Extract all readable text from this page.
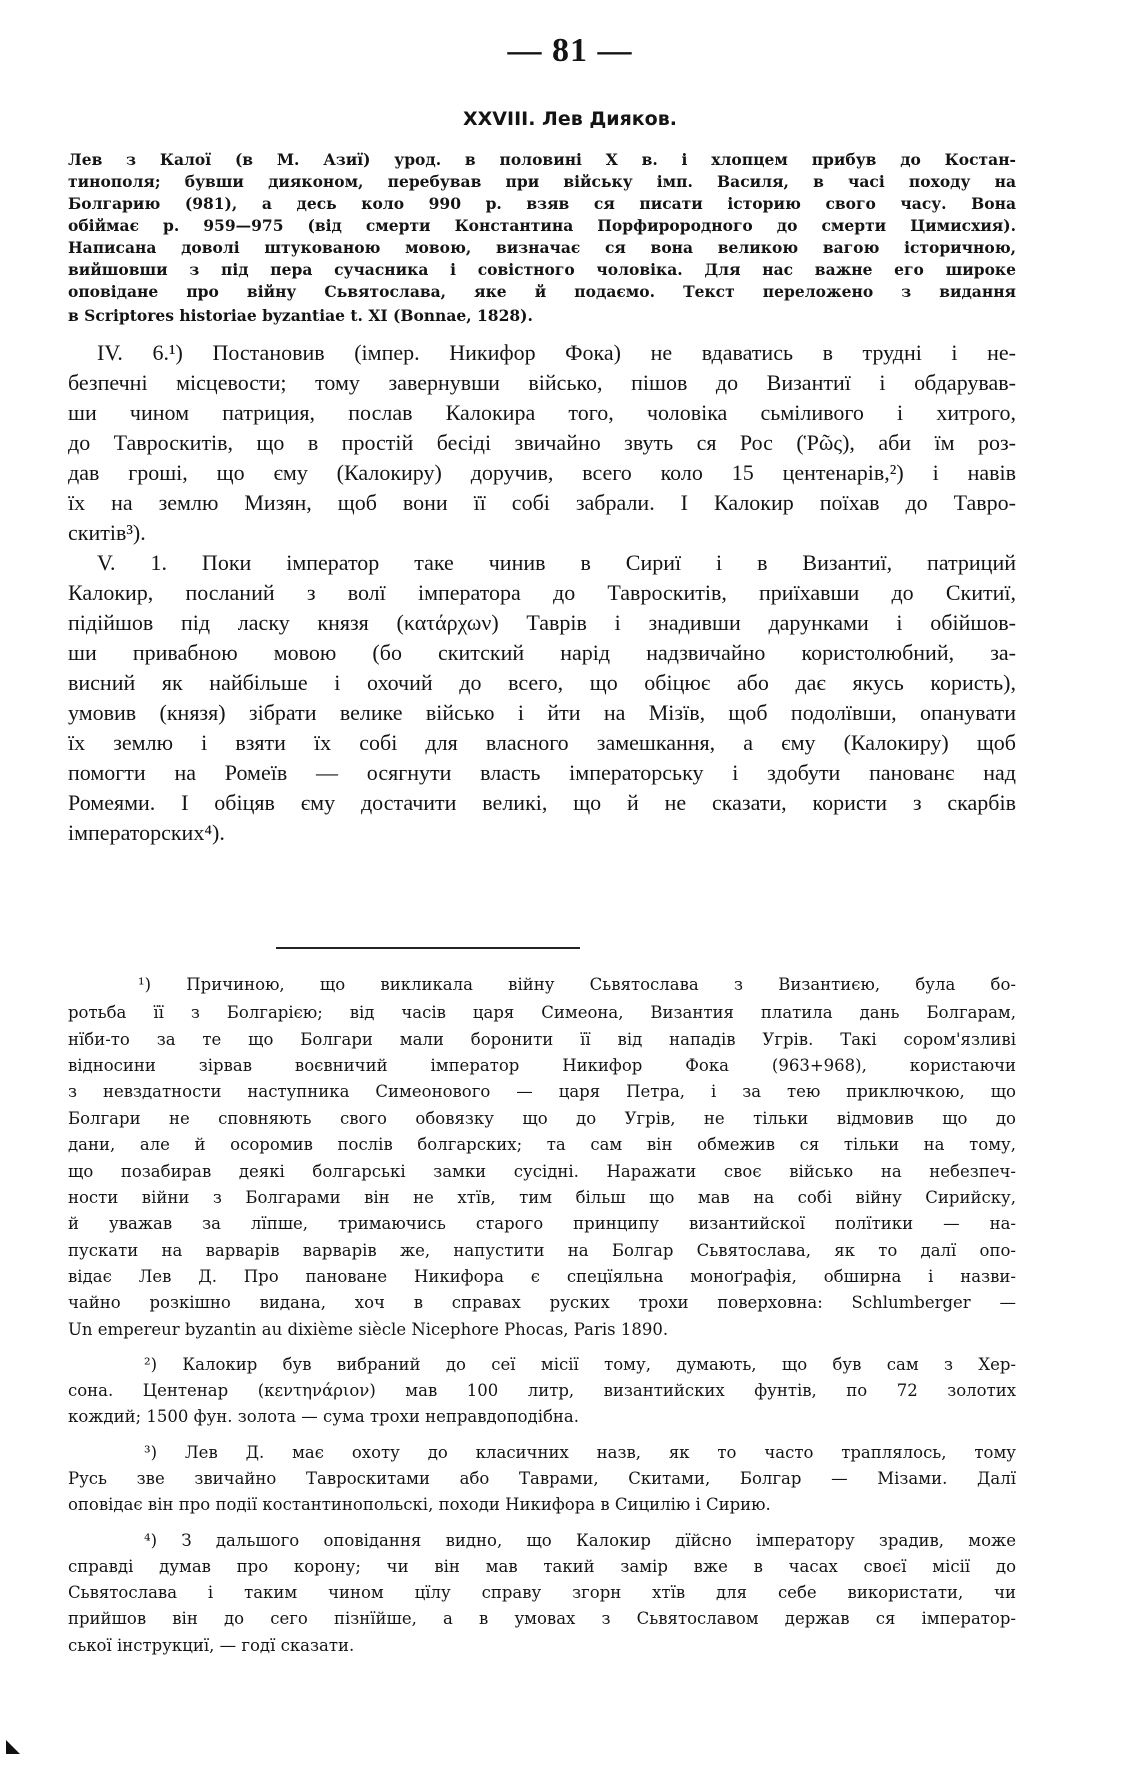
— 81 —
XXVIII. Лев Дияков.

Лев з Калої (в М. Азиї) урод. в половині X в. і хлопцем прибув до Костан-

тинополя; бувши дияконом, перебував при війську імп. Василя, в часі походу на

Болгарию (981), а десь коло 990 р. взяв ся писати історию свого часу. Вона

обіймає р. 959—975 (від смерти Константина Порфирородного до смерти Цимисхия).

Написана доволі штукованою мовою, визначає ся вона великою вагою історичною,

вийшовши з під пера сучасника і совістного чоловіка. Для нас важне его широке

оповідане про війну Сьвятослава, яке й подаємо. Текст переложено з видання

в Scriptores historiae byzantiae t. XI (Bonnae, 1828).

IV. 6.¹) Постановив (імпер. Никифор Фока) не вдаватись в трудні і не-

безпечні місцевости; тому завернувши військо, пішов до Византиї і обдарував-

ши чином патриция, послав Калокира того, чоловіка сьміливого і хитрого,

до Тавроскитів, що в простій бесіді звичайно звуть ся Рос (Ῥῶς), аби їм роз-

дав гроші, що єму (Калокиру) доручив, всего коло 15 центенарів,²) і навів

їх на землю Мизян, щоб вони її собі забрали. І Калокир поїхав до Тавро-

скитів³).

V. 1. Поки імператор таке чинив в Сириї і в Византиї, патриций

Калокир, посланий з волї імператора до Тавроскитів, приїхавши до Скитиї,

підійшов під ласку князя (κατάρχων) Таврів і знадивши дарунками і обійшов-

ши привабною мовою (бо скитский нарід надзвичайно користолюбний, за-

висний як найбільше і охочий до всего, що обіцює або дає якусь користь),

умовив (князя) зібрати велике військо і йти на Мізїв, щоб подолївши, опанувати

їх землю і взяти їх собі для власного замешкання, а єму (Калокиру) щоб

помогти на Ромеїв — осягнути власть імператорську і здобути панованє над

Ромеями. І обіцяв єму достачити великі, що й не сказати, користи з скарбів

імператорских⁴).

¹) Причиною, що викликала війну Сьвятослава з Византиєю, була бо-

ротьба її з Болгарією; від часів царя Симеона, Византия платила дань Болгарам,

нїби-то за те що Болгари мали боронити її від нападів Угрів. Такі сором'язливі

відносини зірвав воєвничий імператор Никифор Фока (963+968), користаючи

з невздатности наступника Симеонового — царя Петра, і за тею приключкою, що

Болгари не сповняють свого обовязку що до Угрів, не тільки відмовив що до

дани, але й осоромив послів болгарских; та сам він обмежив ся тільки на тому,

що позабирав деякі болгарські замки сусідні. Наражати своє військо на небезпеч-

ности війни з Болгарами він не хтїв, тим більш що мав на собі війну Сирийску,

й уважав за лїпше, тримаючись старого принципу византийскої полїтики — на-

пускати на варварів варварів же, напустити на Болгар Сьвятослава, як то далї опо-

відає Лев Д. Про пановане Никифора є спецїяльна моноґрафія, обширна і назви-

чайно розкішно видана, хоч в справах руских трохи поверховна: Schlumberger —

Un empereur byzantin au dixième siècle Nicephore Phocas, Paris 1890.

²) Калокир був вибраний до сеї місії тому, думають, що був сам з Хер-

сона. Центенар (κεντηνάριον) мав 100 литр, византийских фунтів, по 72 золотих

кождий; 1500 фун. золота — сума трохи неправдоподібна.

³) Лев Д. має охоту до класичних назв, як то часто траплялось, тому

Русь зве звичайно Тавроскитами або Таврами, Скитами, Болгар — Мізами. Далї

оповідає він про події костантинопольскі, походи Никифора в Сицилію і Сирию.

⁴) З дальшого оповідання видно, що Калокир дїйсно імператору зрадив, може

справді думав про корону; чи він мав такий замір вже в часах своєї місії до

Сьвятослава і таким чином цїлу справу згорн хтїв для себе використати, чи

прийшов він до сего пізнїйше, а в умовах з Сьвятославом держав ся імператор-

ської інструкциї, — годї сказати.
